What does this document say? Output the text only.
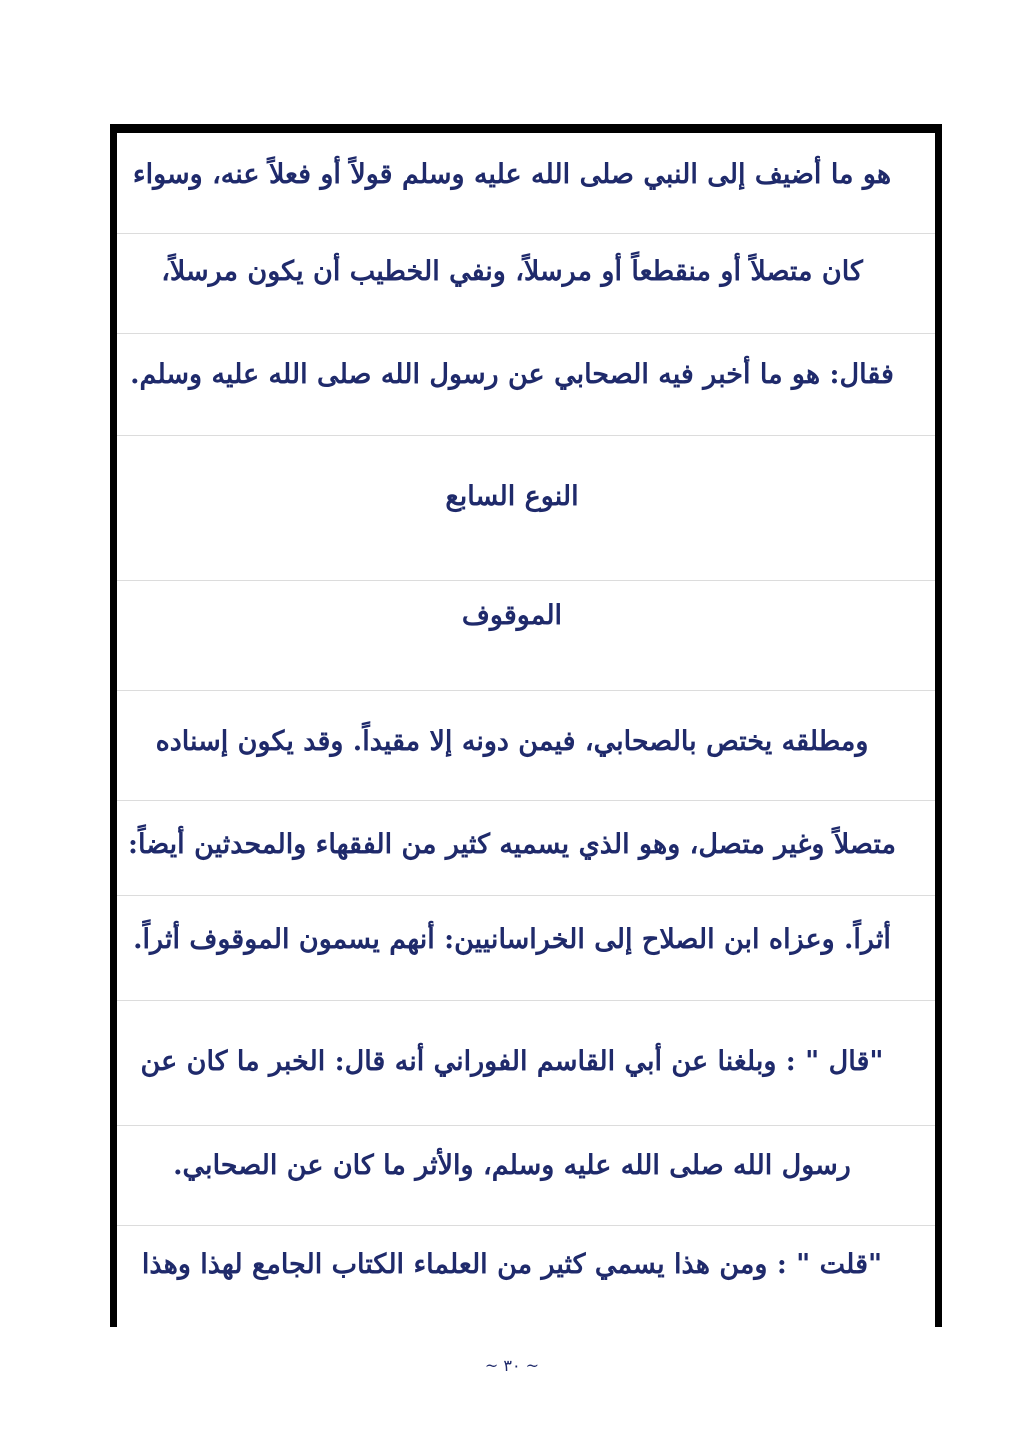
هو ما أضيف إلى النبي صلى الله عليه وسلم قولاً أو فعلاً عنه، وسواء
كان متصلاً أو منقطعاً أو مرسلاً، ونفي الخطيب أن يكون مرسلاً،
فقال: هو ما أخبر فيه الصحابي عن رسول الله صلى الله عليه وسلم.
النوع السابع
الموقوف
ومطلقه يختص بالصحابي، فيمن دونه إلا مقيداً. وقد يكون إسناده
متصلاً وغير متصل، وهو الذي يسميه كثير من الفقهاء والمحدثين أيضاً:
أثراً. وعزاه ابن الصلاح إلى الخراسانيين: أنهم يسمون الموقوف أثراً.
"قال " : وبلغنا عن أبي القاسم الفوراني أنه قال: الخبر ما كان عن
رسول الله صلى الله عليه وسلم، والأثر ما كان عن الصحابي.
"قلت " : ومن هذا يسمي كثير من العلماء الكتاب الجامع لهذا وهذا
~ ٣٠ ~
